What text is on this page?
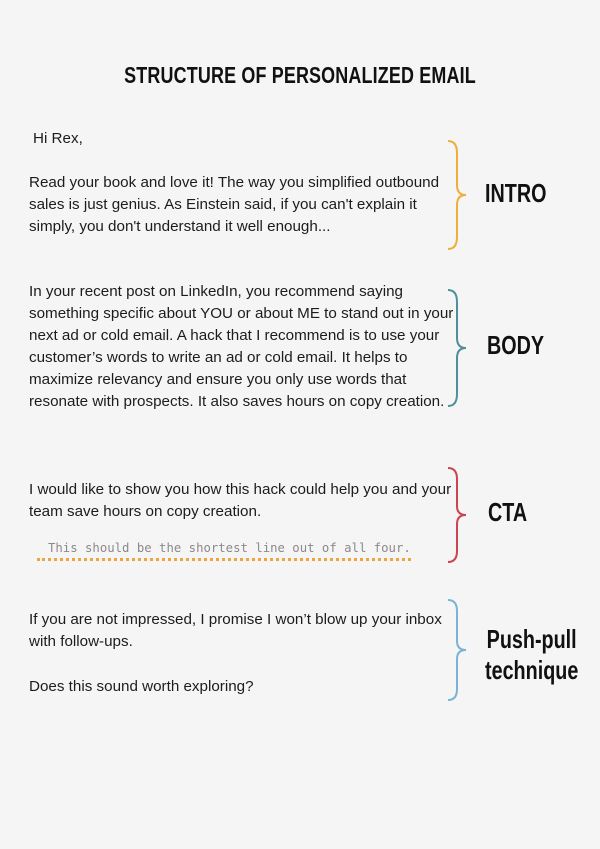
STRUCTURE OF PERSONALIZED EMAIL
Hi Rex,
Read your book and love it! The way you simplified outbound sales is just genius. As Einstein said, if you can't explain it simply, you don't understand it well enough...
INTRO
In your recent post on LinkedIn, you recommend saying something specific about YOU or about ME to stand out in your next ad or cold email. A hack that I recommend is to use your customer’s words to write an ad or cold email. It helps to maximize relevancy and ensure you only use words that resonate with prospects. It also saves hours on copy creation.
BODY
I would like to show you how this hack could help you and your team save hours on copy creation.
This should be the shortest line out of all four.
CTA
If you are not impressed, I promise I won’t blow up your inbox with follow-ups.
Does this sound worth exploring?
Push-pull
technique
